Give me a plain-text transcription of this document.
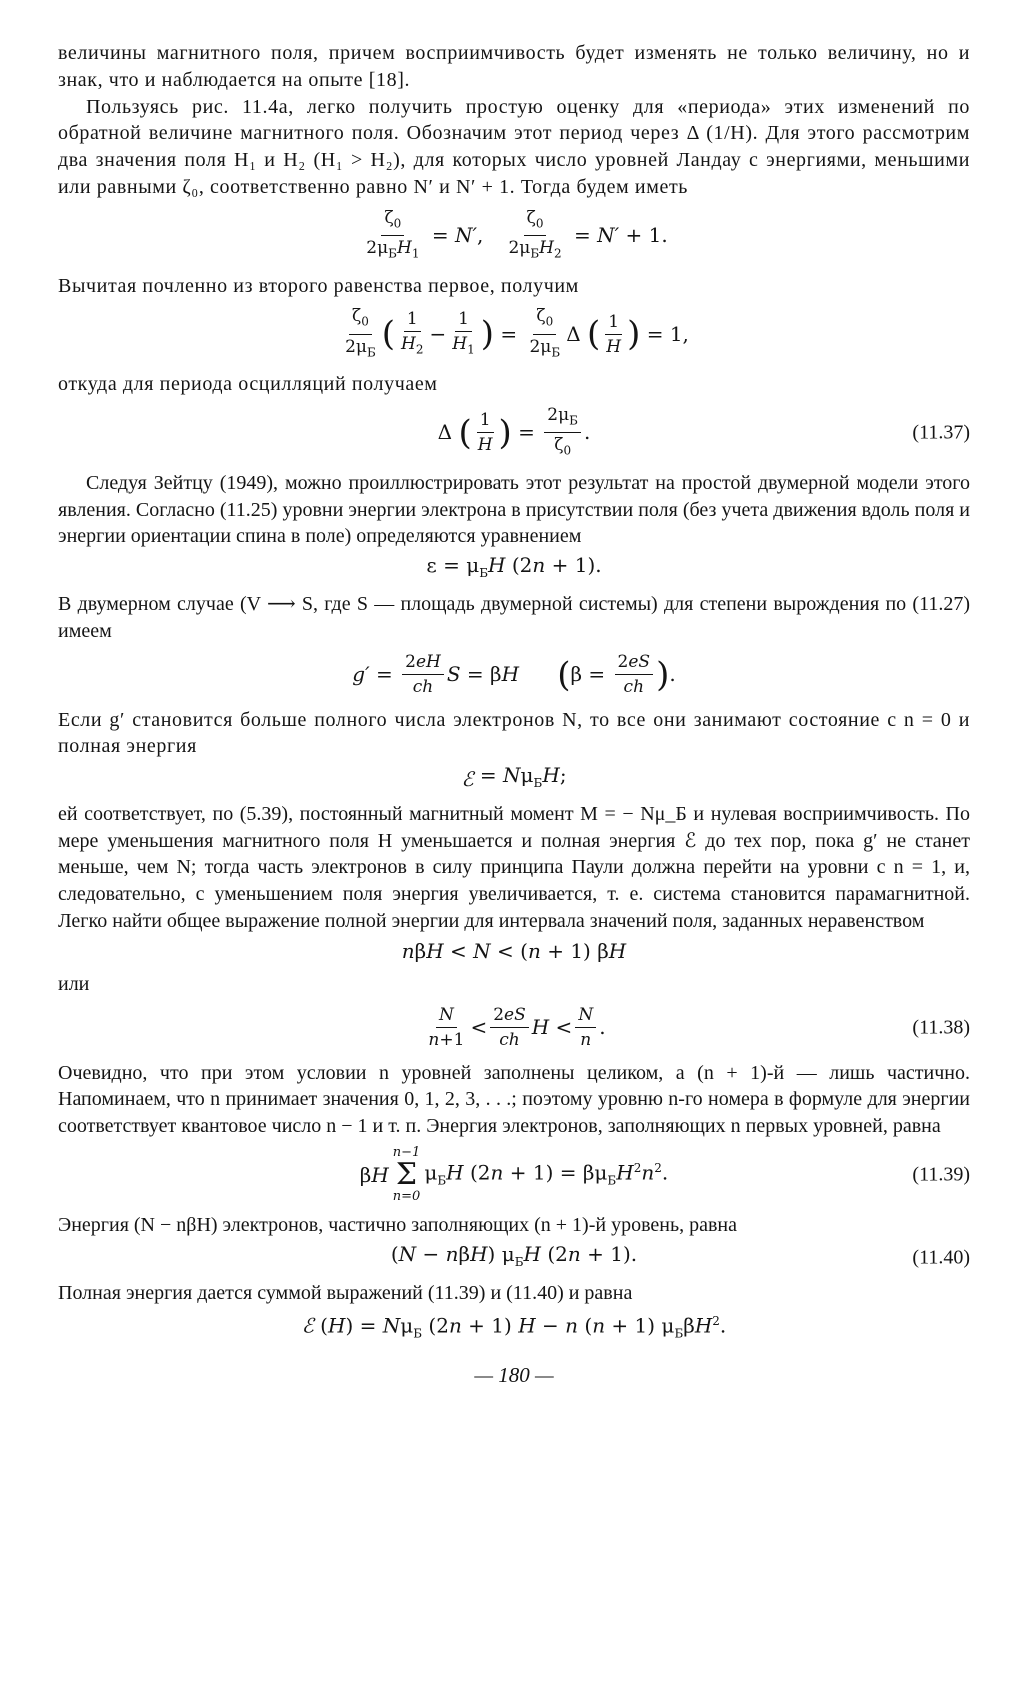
величины магнитного поля, причем восприимчивость будет изменять не только величину, но и знак, что и наблюдается на опыте [18].

Пользуясь рис. 11.4а, легко получить простую оценку для «периода» этих изменений по обратной величине магнитного поля. Обозначим этот период через Δ (1/H). Для этого рассмотрим два значения поля H₁ и H₂ (H₁ > H₂), для которых число уровней Ландау с энергиями, меньшими или равными ζ₀, соответственно равно N′ и N′ + 1. Тогда будем иметь

$\frac{\zeta_0}{2\mu_БH_1} = N'$, $\frac{\zeta_0}{2\mu_БH_2} = N' + 1$.

Вычитая почленно из второго равенства первое, получим

$\frac{\zeta_0}{2\mu_Б}$ ( $\frac{1}{H_2} - \frac{1}{H_1}$ ) = $\frac{\zeta_0}{2\mu_Б}$ Δ ( $\frac{1}{H}$ ) = 1,

откуда для периода осцилляций получаем

Δ ( $\frac{1}{H}$ ) = $\frac{2\mu_Б}{\zeta_0}$ .	(11.37)

Следуя Зейтцу (1949), можно проиллюстрировать этот результат на простой двумерной модели этого явления. Согласно (11.25) уровни энергии электрона в присутствии поля (без учета движения вдоль поля и энергии ориентации спина в поле) определяются уравнением

$\varepsilon = \mu_БH$ (2n + 1).

В двумерном случае (V ⟶ S, где S — площадь двумерной системы) для степени вырождения по (11.27) имеем

$g' = \frac{2eH}{ch}$ S = βH	( $\beta = \frac{2eS}{ch}$ ) .

Если g′ становится больше полного числа электронов N, то все они занимают состояние с n = 0 и полная энергия

ℰ = $N\mu_БH$;

ей соответствует, по (5.39), постоянный магнитный момент M = − Nμ_Б и нулевая восприимчивость. По мере уменьшения магнитного поля H уменьшается и полная энергия ℰ до тех пор, пока g′ не станет меньше, чем N; тогда часть электронов в силу принципа Паули должна перейти на уровни с n = 1, и, следовательно, с уменьшением поля энергия увеличивается, т. е. система становится парамагнитной. Легко найти общее выражение полной энергии для интервала значений поля, заданных неравенством

nβH < N < (n + 1) βH

или

$\frac{N}{n+1} < \frac{2eS}{ch}$ $H < \frac{N}{n}$ .	(11.38)

Очевидно, что при этом условии n уровней заполнены целиком, а (n + 1)-й — лишь частично. Напоминаем, что n принимает значения 0, 1, 2, 3, . . .; поэтому уровню n-го номера в формуле для энергии соответствует квантовое число n − 1 и т. п. Энергия электронов, заполняющих n первых уровней, равна

βH
n−1
Σ
n=0
$\mu_БH$ $(2n + 1) = \beta\mu_БH^2n^2$.	(11.39)

Энергия (N − nβH) электронов, частично заполняющих (n + 1)-й уровень, равна

(N − nβH) $\mu_БH$ (2n + 1).	(11.40)

Полная энергия дается суммой выражений (11.39) и (11.40) и равна

ℰ $(H) = N\mu_Б$ (2n + 1) H − n (n + 1) $\mu_Б\beta H^2$.
— 180 —
